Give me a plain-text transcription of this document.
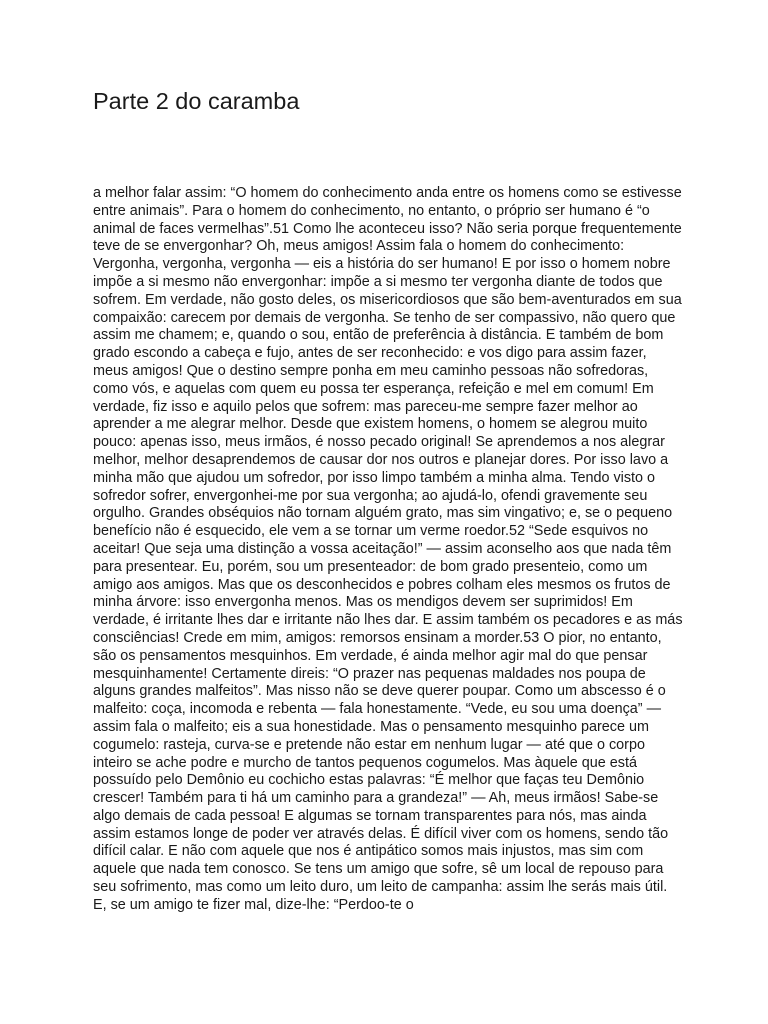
Parte 2 do caramba
a melhor falar assim: “O homem do conhecimento anda entre os homens como se estivesse
entre animais”. Para o homem do conhecimento, no entanto, o próprio ser humano é “o
animal de faces vermelhas”.51 Como lhe aconteceu isso? Não seria porque frequentemente
teve de se envergonhar? Oh, meus amigos! Assim fala o homem do conhecimento:
Vergonha, vergonha, vergonha — eis a história do ser humano! E por isso o homem nobre
impõe a si mesmo não envergonhar: impõe a si mesmo ter vergonha diante de todos que
sofrem. Em verdade, não gosto deles, os misericordiosos que são bem-aventurados em sua
compaixão: carecem por demais de vergonha. Se tenho de ser compassivo, não quero que
assim me chamem; e, quando o sou, então de preferência à distância. E também de bom
grado escondo a cabeça e fujo, antes de ser reconhecido: e vos digo para assim fazer,
meus amigos! Que o destino sempre ponha em meu caminho pessoas não sofredoras,
como vós, e aquelas com quem eu possa ter esperança, refeição e mel em comum! Em
verdade, fiz isso e aquilo pelos que sofrem: mas pareceu-me sempre fazer melhor ao
aprender a me alegrar melhor. Desde que existem homens, o homem se alegrou muito
pouco: apenas isso, meus irmãos, é nosso pecado original! Se aprendemos a nos alegrar
melhor, melhor desaprendemos de causar dor nos outros e planejar dores. Por isso lavo a
minha mão que ajudou um sofredor, por isso limpo também a minha alma. Tendo visto o
sofredor sofrer, envergonhei-me por sua vergonha; ao ajudá-lo, ofendi gravemente seu
orgulho. Grandes obséquios não tornam alguém grato, mas sim vingativo; e, se o pequeno
benefício não é esquecido, ele vem a se tornar um verme roedor.52 “Sede esquivos no
aceitar! Que seja uma distinção a vossa aceitação!” — assim aconselho aos que nada têm
para presentear. Eu, porém, sou um presenteador: de bom grado presenteio, como um
amigo aos amigos. Mas que os desconhecidos e pobres colham eles mesmos os frutos de
minha árvore: isso envergonha menos. Mas os mendigos devem ser suprimidos! Em
verdade, é irritante lhes dar e irritante não lhes dar. E assim também os pecadores e as más
consciências! Crede em mim, amigos: remorsos ensinam a morder.53 O pior, no entanto,
são os pensamentos mesquinhos. Em verdade, é ainda melhor agir mal do que pensar
mesquinhamente! Certamente direis: “O prazer nas pequenas maldades nos poupa de
alguns grandes malfeitos”. Mas nisso não se deve querer poupar. Como um abscesso é o
malfeito: coça, incomoda e rebenta — fala honestamente. “Vede, eu sou uma doença” —
assim fala o malfeito; eis a sua honestidade. Mas o pensamento mesquinho parece um
cogumelo: rasteja, curva-se e pretende não estar em nenhum lugar — até que o corpo
inteiro se ache podre e murcho de tantos pequenos cogumelos. Mas àquele que está
possuído pelo Demônio eu cochicho estas palavras: “É melhor que faças teu Demônio
crescer! Também para ti há um caminho para a grandeza!” — Ah, meus irmãos! Sabe-se
algo demais de cada pessoa! E algumas se tornam transparentes para nós, mas ainda
assim estamos longe de poder ver através delas. É difícil viver com os homens, sendo tão
difícil calar. E não com aquele que nos é antipático somos mais injustos, mas sim com
aquele que nada tem conosco. Se tens um amigo que sofre, sê um local de repouso para
seu sofrimento, mas como um leito duro, um leito de campanha: assim lhe serás mais útil.
E, se um amigo te fizer mal, dize-lhe: “Perdoo-te o
